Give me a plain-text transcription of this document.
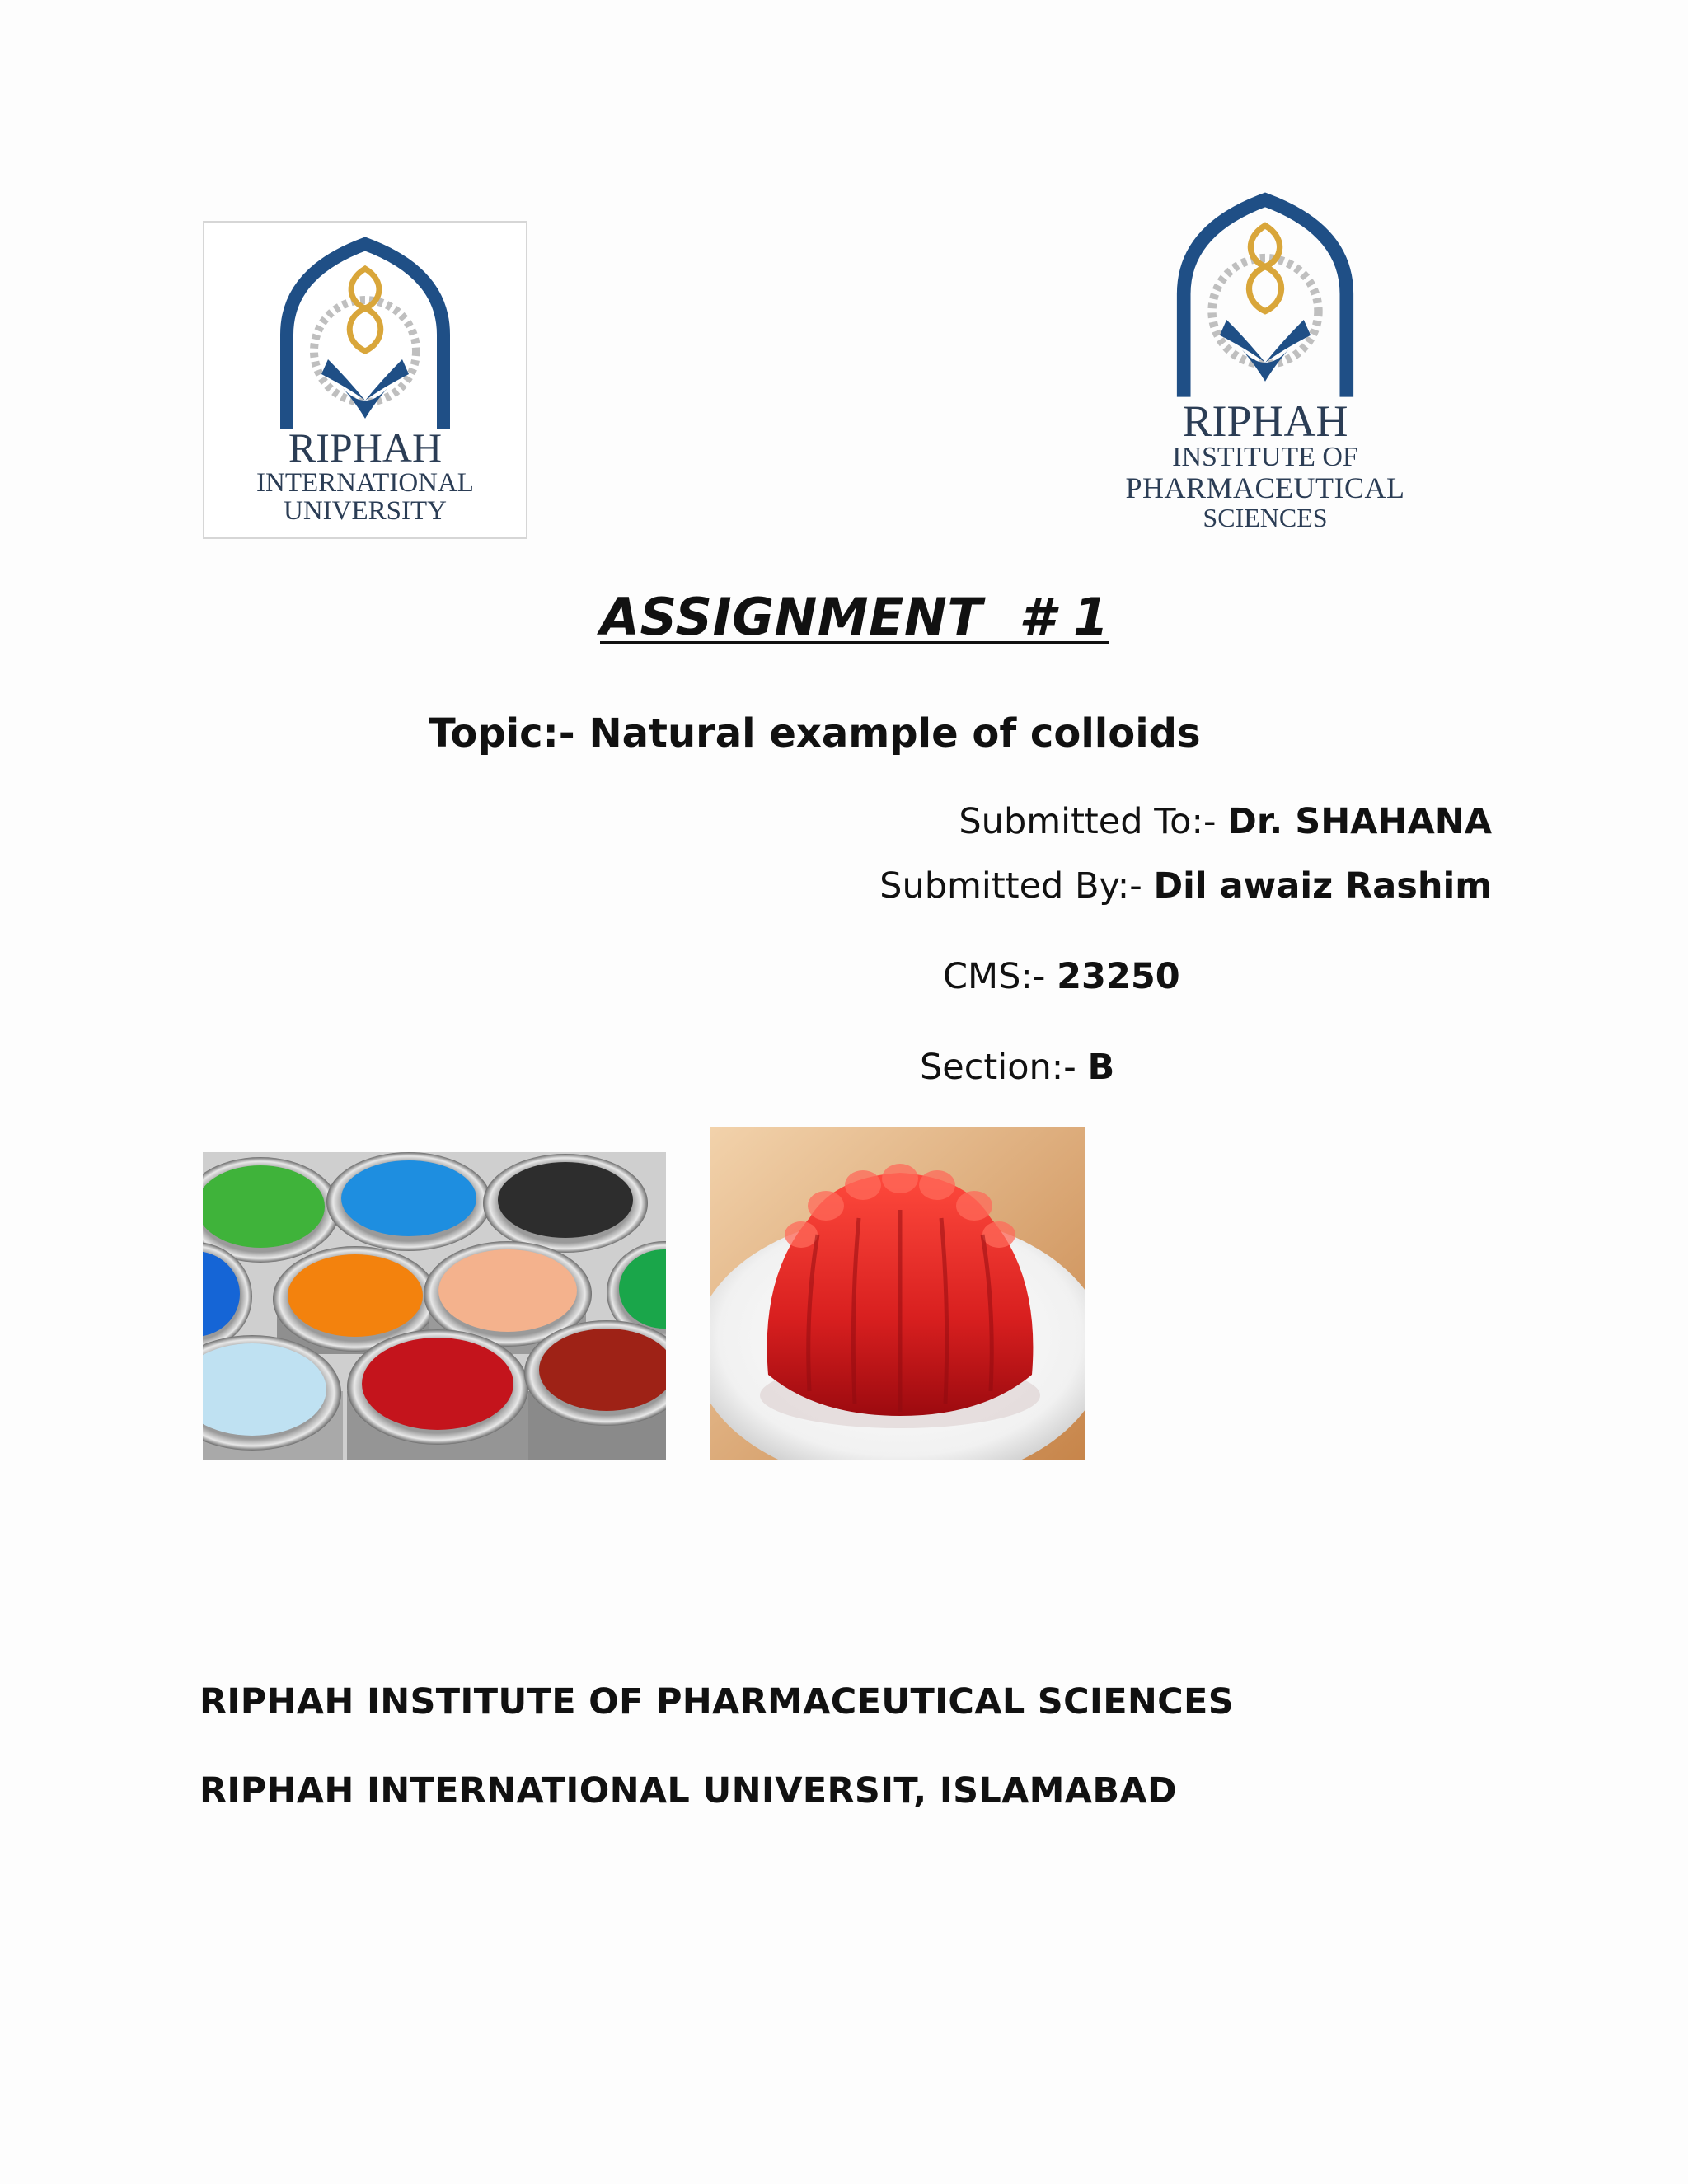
RIPHAH
INTERNATIONAL
UNIVERSITY
RIPHAH
INSTITUTE OF
PHARMACEUTICAL
SCIENCES
ASSIGNMENT  # 1
Topic:- Natural example of colloids
Submitted To:- Dr. SHAHANA
Submitted By:- Dil awaiz Rashim
CMS:- 23250
Section:- B
RIPHAH INSTITUTE OF PHARMACEUTICAL SCIENCES
RIPHAH INTERNATIONAL UNIVERSIT, ISLAMABAD
